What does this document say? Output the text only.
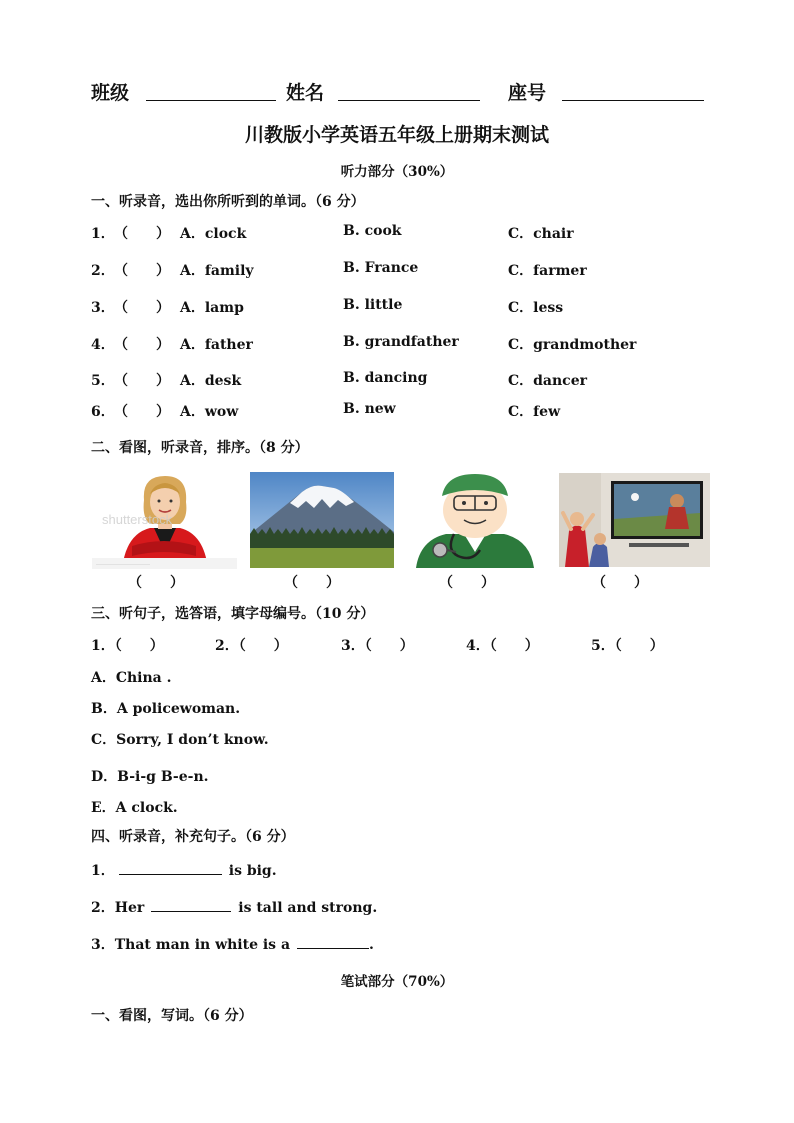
班级	姓名	座号
川教版小学英语五年级上册期末测试
听力部分（30%）
一、听录音，选出你所听到的单词。（6 分）
1． （　　） A．clock	B. cook	C．chair
2． （　　） A．family	B. France	C．farmer
3． （　　） A．lamp	B. little	C．less
4． （　　） A．father	B. grandfather	C．grandmother
5． （　　） A．desk	B. dancing	C．dancer
6． （　　） A．wow	B. new	C．few
二、看图，听录音，排序。（8 分）
shutterstock
···························
（　　）	（　　）	（　　）	（　　）
三、听句子，选答语，填字母编号。（10 分）
1．（　　）	2．（　　）	3．（　　）	4．（　　）	5．（　　）
A．China .
B．A policewoman.
C．Sorry, I don’t know.
D．B-i-g B-e-n.
E．A clock.
四、听录音，补充句子。（6 分）
1．	is big.
2．Her	is tall and strong.
3．That man in white is a	.
笔试部分（70%）
一、看图，写词。（6 分）
